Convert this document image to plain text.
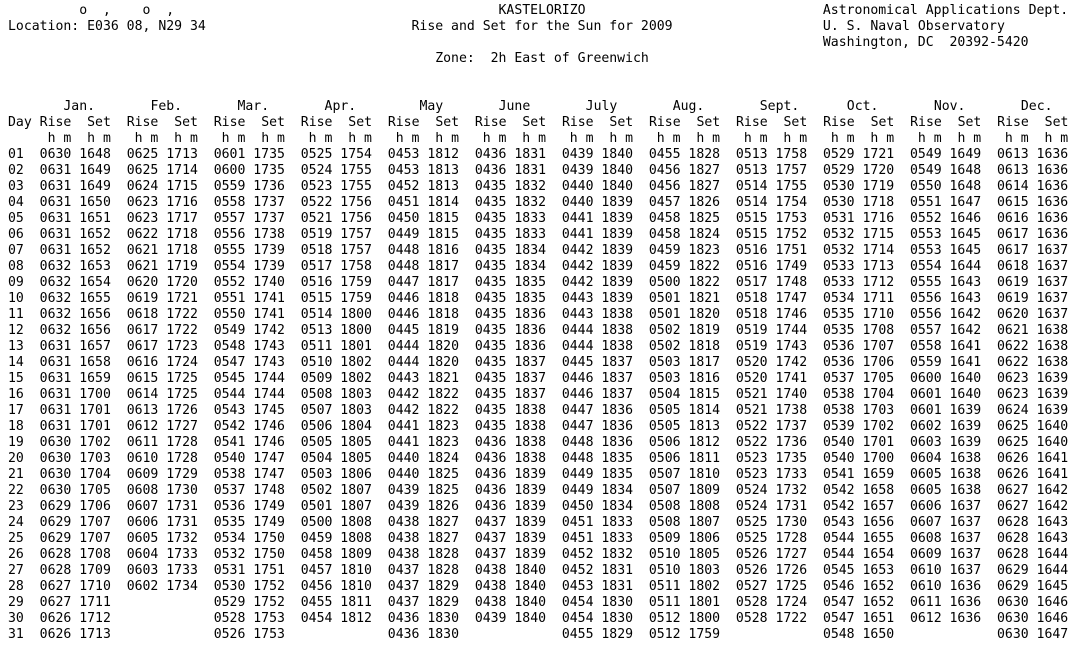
o  ,    o  ,	KASTELORIZO	Astronomical Applications Dept.
Location: E036 08, N29 34	Rise and Set for the Sun for 2009	U. S. Naval Observatory
Washington, DC  20392-5420
Zone:  2h East of Greenwich
Jan.	Feb.	Mar.	Apr.	May	June	July	Aug.	Sept.	Oct.	Nov.	Dec.
Day Rise Set Rise Set Rise Set Rise Set Rise Set Rise Set Rise Set Rise Set Rise Set Rise Set Rise Set Rise Set
h m h m h m h m h m h m h m h m h m h m h m h m h m h m h m h m h m h m h m h m h m h m h m h m
01 0630 1648 0625 1713 0601 1735 0525 1754 0453 1812 0436 1831 0439 1840 0455 1828 0513 1758 0529 1721 0549 1649 0613 1636
02 0631 1649 0625 1714 0600 1735 0524 1755 0453 1813 0436 1831 0439 1840 0456 1827 0513 1757 0529 1720 0549 1648 0613 1636
03 0631 1649 0624 1715 0559 1736 0523 1755 0452 1813 0435 1832 0440 1840 0456 1827 0514 1755 0530 1719 0550 1648 0614 1636
04 0631 1650 0623 1716 0558 1737 0522 1756 0451 1814 0435 1832 0440 1839 0457 1826 0514 1754 0530 1718 0551 1647 0615 1636
05 0631 1651 0623 1717 0557 1737 0521 1756 0450 1815 0435 1833 0441 1839 0458 1825 0515 1753 0531 1716 0552 1646 0616 1636
06 0631 1652 0622 1718 0556 1738 0519 1757 0449 1815 0435 1833 0441 1839 0458 1824 0515 1752 0532 1715 0553 1645 0617 1636
07 0631 1652 0621 1718 0555 1739 0518 1757 0448 1816 0435 1834 0442 1839 0459 1823 0516 1751 0532 1714 0553 1645 0617 1637
08 0632 1653 0621 1719 0554 1739 0517 1758 0448 1817 0435 1834 0442 1839 0459 1822 0516 1749 0533 1713 0554 1644 0618 1637
09 0632 1654 0620 1720 0552 1740 0516 1759 0447 1817 0435 1835 0442 1839 0500 1822 0517 1748 0533 1712 0555 1643 0619 1637
10 0632 1655 0619 1721 0551 1741 0515 1759 0446 1818 0435 1835 0443 1839 0501 1821 0518 1747 0534 1711 0556 1643 0619 1637
11 0632 1656 0618 1722 0550 1741 0514 1800 0446 1818 0435 1836 0443 1838 0501 1820 0518 1746 0535 1710 0556 1642 0620 1637
12 0632 1656 0617 1722 0549 1742 0513 1800 0445 1819 0435 1836 0444 1838 0502 1819 0519 1744 0535 1708 0557 1642 0621 1638
13 0631 1657 0617 1723 0548 1743 0511 1801 0444 1820 0435 1836 0444 1838 0502 1818 0519 1743 0536 1707 0558 1641 0622 1638
14 0631 1658 0616 1724 0547 1743 0510 1802 0444 1820 0435 1837 0445 1837 0503 1817 0520 1742 0536 1706 0559 1641 0622 1638
15 0631 1659 0615 1725 0545 1744 0509 1802 0443 1821 0435 1837 0446 1837 0503 1816 0520 1741 0537 1705 0600 1640 0623 1639
16 0631 1700 0614 1725 0544 1744 0508 1803 0442 1822 0435 1837 0446 1837 0504 1815 0521 1740 0538 1704 0601 1640 0623 1639
17 0631 1701 0613 1726 0543 1745 0507 1803 0442 1822 0435 1838 0447 1836 0505 1814 0521 1738 0538 1703 0601 1639 0624 1639
18 0631 1701 0612 1727 0542 1746 0506 1804 0441 1823 0435 1838 0447 1836 0505 1813 0522 1737 0539 1702 0602 1639 0625 1640
19 0630 1702 0611 1728 0541 1746 0505 1805 0441 1823 0436 1838 0448 1836 0506 1812 0522 1736 0540 1701 0603 1639 0625 1640
20 0630 1703 0610 1728 0540 1747 0504 1805 0440 1824 0436 1838 0448 1835 0506 1811 0523 1735 0540 1700 0604 1638 0626 1641
21 0630 1704 0609 1729 0538 1747 0503 1806 0440 1825 0436 1839 0449 1835 0507 1810 0523 1733 0541 1659 0605 1638 0626 1641
22 0630 1705 0608 1730 0537 1748 0502 1807 0439 1825 0436 1839 0449 1834 0507 1809 0524 1732 0542 1658 0605 1638 0627 1642
23 0629 1706 0607 1731 0536 1749 0501 1807 0439 1826 0436 1839 0450 1834 0508 1808 0524 1731 0542 1657 0606 1637 0627 1642
24 0629 1707 0606 1731 0535 1749 0500 1808 0438 1827 0437 1839 0451 1833 0508 1807 0525 1730 0543 1656 0607 1637 0628 1643
25 0629 1707 0605 1732 0534 1750 0459 1808 0438 1827 0437 1839 0451 1833 0509 1806 0525 1728 0544 1655 0608 1637 0628 1643
26 0628 1708 0604 1733 0532 1750 0458 1809 0438 1828 0437 1839 0452 1832 0510 1805 0526 1727 0544 1654 0609 1637 0628 1644
27 0628 1709 0603 1733 0531 1751 0457 1810 0437 1828 0438 1840 0452 1831 0510 1803 0526 1726 0545 1653 0610 1637 0629 1644
28 0627 1710 0602 1734 0530 1752 0456 1810 0437 1829 0438 1840 0453 1831 0511 1802 0527 1725 0546 1652 0610 1636 0629 1645
29 0627 1711	0529 1752 0455 1811 0437 1829 0438 1840 0454 1830 0511 1801 0528 1724 0547 1652 0611 1636 0630 1646
30 0626 1712	0528 1753 0454 1812 0436 1830 0439 1840 0454 1830 0512 1800 0528 1722 0547 1651 0612 1636 0630 1646
31 0626 1713	0526 1753	0436 1830	0455 1829 0512 1759	0548 1650	0630 1647
